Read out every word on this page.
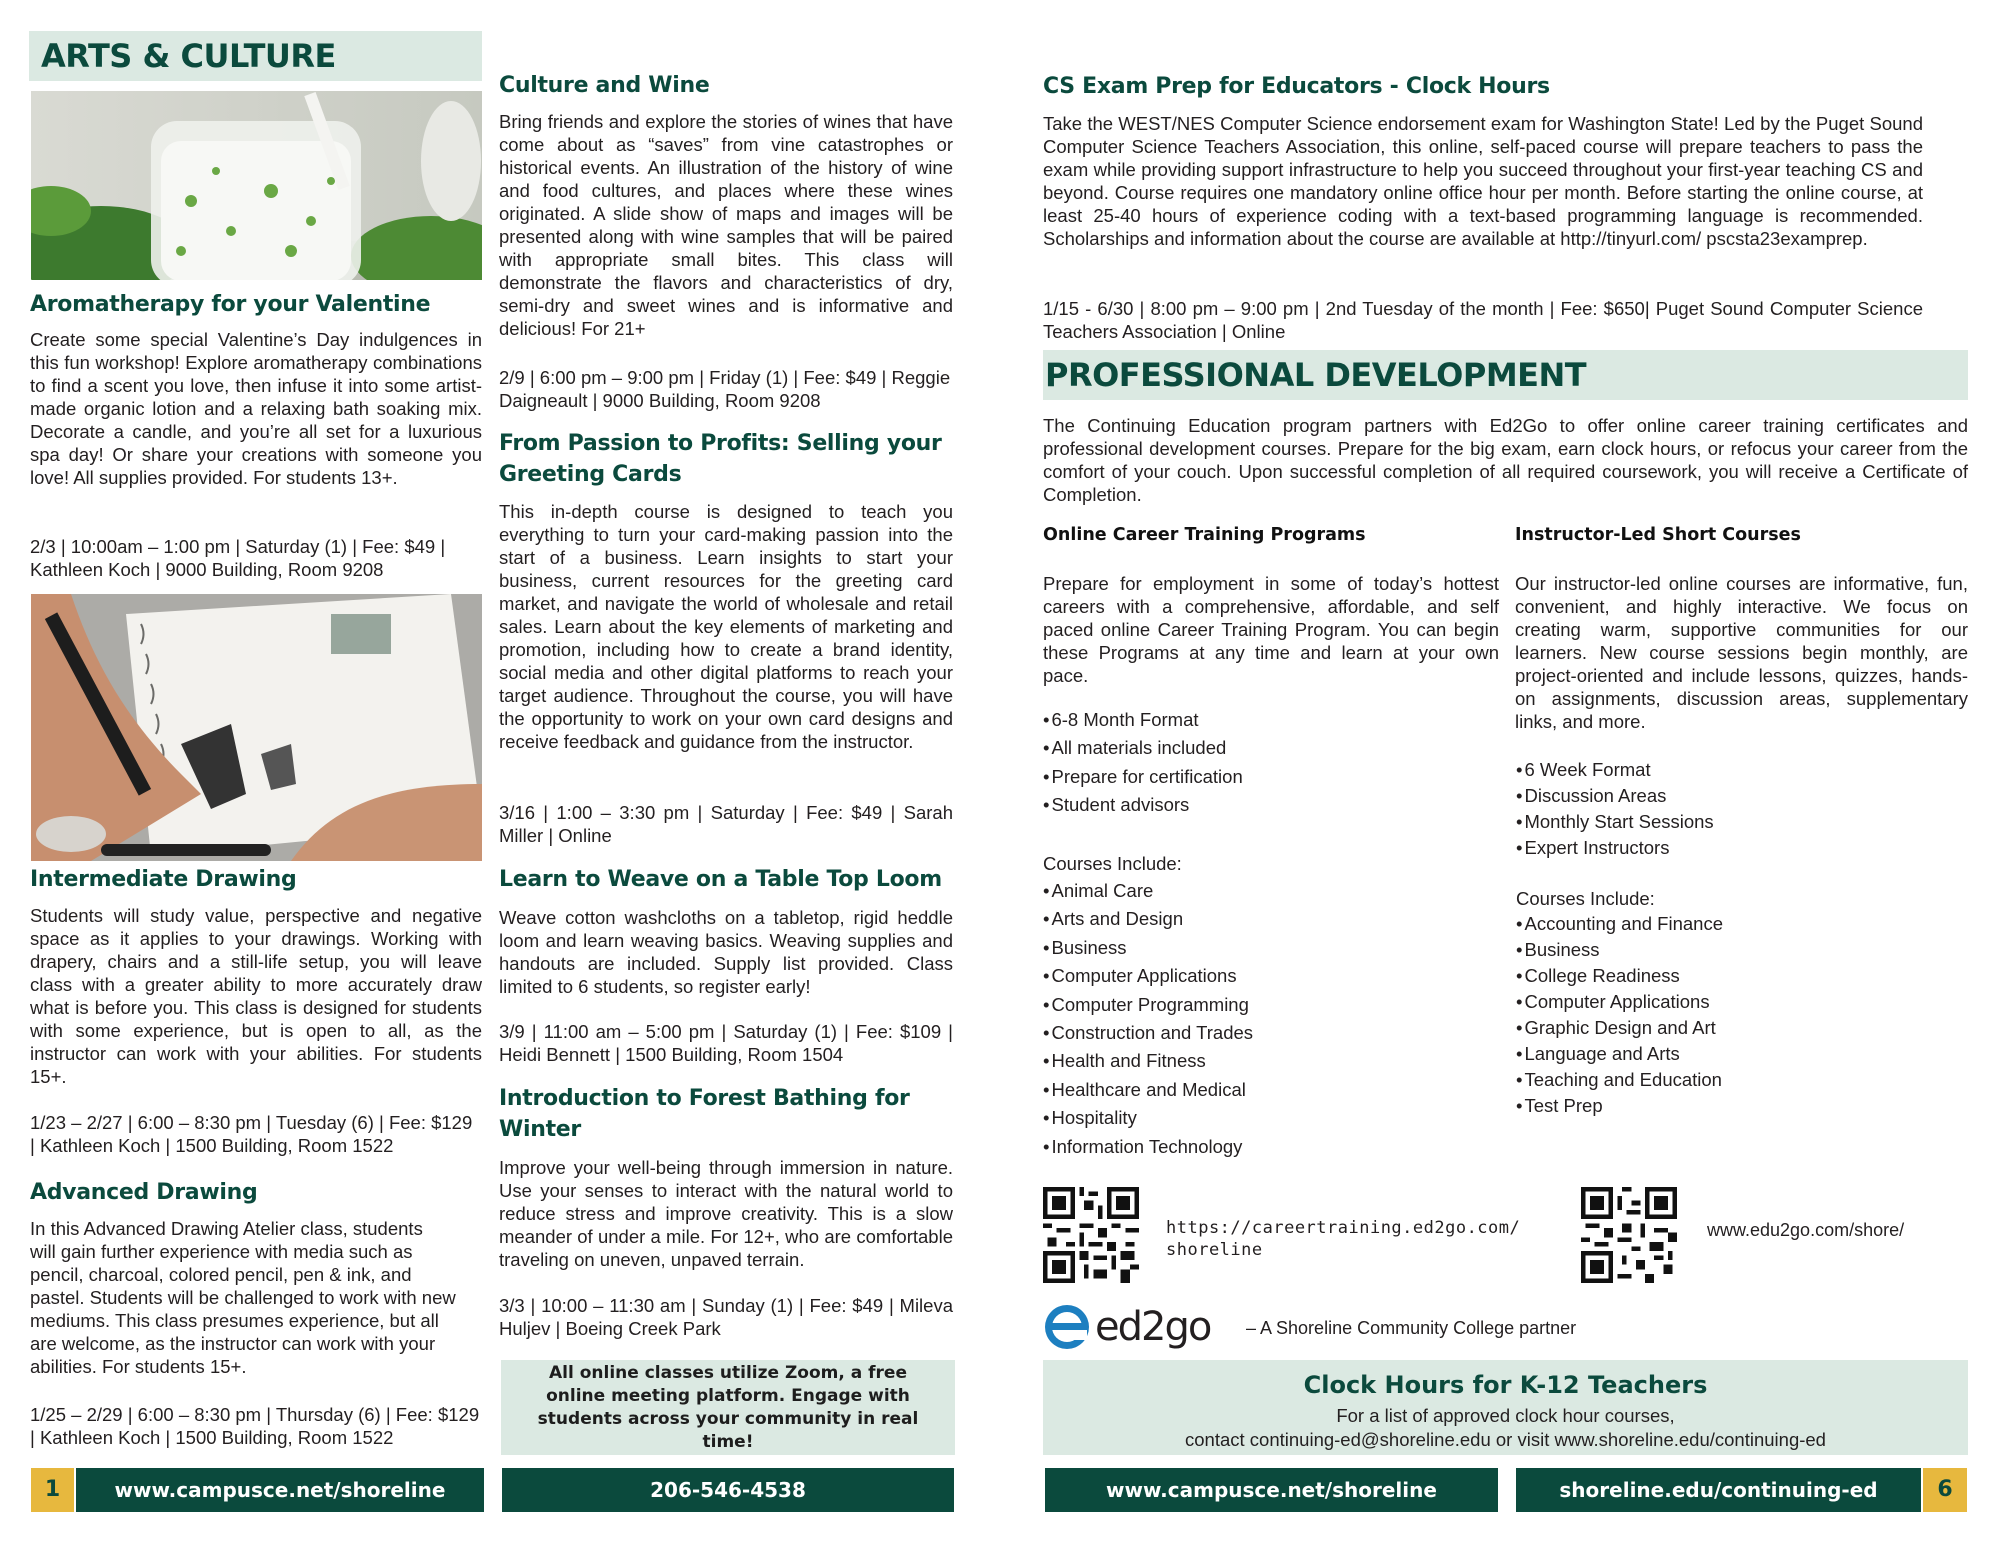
ARTS & CULTURE
Aromatherapy for your Valentine
Create some special Valentine’s Day indulgences in this fun workshop! Explore aromatherapy combinations to find a scent you love, then infuse it into some artist-made organic lotion and a relaxing bath soaking mix. Decorate a candle, and you’re all set for a luxurious spa day! Or share your creations with someone you love! All supplies provided. For students 13+.
2/3 | 10:00am – 1:00 pm | Saturday (1) | Fee: $49 | Kathleen Koch | 9000 Building, Room 9208
Intermediate Drawing
Students will study value, perspective and negative space as it applies to your drawings. Working with drapery, chairs and a still-life setup, you will leave class with a greater ability to more accurately draw what is before you. This class is designed for students with some experience, but is open to all, as the instructor can work with your abilities. For students 15+.
1/23 – 2/27 | 6:00 – 8:30 pm | Tuesday (6) | Fee: $129 | Kathleen Koch | 1500 Building, Room 1522
Advanced Drawing
In this Advanced Drawing Atelier class, students
will gain further experience with media such as
pencil, charcoal, colored pencil, pen & ink, and
pastel. Students will be challenged to work with new
mediums. This class presumes experience, but all
are welcome, as the instructor can work with your
abilities. For students 15+.
1/25 – 2/29 | 6:00 – 8:30 pm | Thursday (6) | Fee: $129 | Kathleen Koch | 1500 Building, Room 1522
Culture and Wine
Bring friends and explore the stories of wines that have come about as “saves” from vine catastrophes or historical events. An illustration of the history of wine and food cultures, and places where these wines originated. A slide show of maps and images will be presented along with wine samples that will be paired with appropriate small bites. This class will demonstrate the flavors and characteristics of dry, semi-dry and sweet wines and is informative and delicious! For 21+
2/9 | 6:00 pm – 9:00 pm | Friday (1) | Fee: $49 | Reggie Daigneault | 9000 Building, Room 9208
From Passion to Profits: Selling your Greeting Cards
This in-depth course is designed to teach you everything to turn your card-making passion into the start of a business. Learn insights to start your business, current resources for the greeting card market, and navigate the world of wholesale and retail sales. Learn about the key elements of marketing and promotion, including how to create a brand identity, social media and other digital platforms to reach your target audience. Throughout the course, you will have the opportunity to work on your own card designs and receive feedback and guidance from the instructor.
3/16 | 1:00 – 3:30 pm | Saturday | Fee: $49 | Sarah Miller | Online
Learn to Weave on a Table Top Loom
Weave cotton washcloths on a tabletop, rigid heddle loom and learn weaving basics. Weaving supplies and handouts are included. Supply list provided. Class limited to 6 students, so register early!
3/9 | 11:00 am – 5:00 pm | Saturday (1) | Fee: $109 | Heidi Bennett | 1500 Building, Room 1504
Introduction to Forest Bathing for Winter
Improve your well-being through immersion in nature. Use your senses to interact with the natural world to reduce stress and improve creativity. This is a slow meander of under a mile. For 12+, who are comfortable traveling on uneven, unpaved terrain.
3/3 | 10:00 – 11:30 am | Sunday (1) | Fee: $49 | Mileva Huljev | Boeing Creek Park
All online classes utilize Zoom, a free online meeting platform. Engage with students across your community in real time!
1	www.campusce.net/shoreline	206-546-4538
CS Exam Prep for Educators - Clock Hours
Take the WEST/NES Computer Science endorsement exam for Washington State! Led by the Puget Sound Computer Science Teachers Association, this online, self-paced course will prepare teachers to pass the exam while providing support infrastructure to help you succeed throughout your first-year teaching CS and beyond. Course requires one mandatory online office hour per month. Before starting the online course, at least 25-40 hours of experience coding with a text-based programming language is recommended. Scholarships and information about the course are available at http://tinyurl.com/ pscsta23examprep.
1/15 - 6/30 | 8:00 pm – 9:00 pm | 2nd Tuesday of the month | Fee: $650| Puget Sound Computer Science Teachers Association | Online
PROFESSIONAL DEVELOPMENT
The Continuing Education program partners with Ed2Go to offer online career training certificates and professional development courses. Prepare for the big exam, earn clock hours, or refocus your career from the comfort of your couch. Upon successful completion of all required coursework, you will receive a Certificate of Completion.
Online Career Training Programs
Prepare for employment in some of today’s hottest careers with a comprehensive, affordable, and self paced online Career Training Program. You can begin these Programs at any time and learn at your own pace.
• 6-8 Month Format
• All materials included
• Prepare for certification
• Student advisors
Courses Include:
• Animal Care
• Arts and Design
• Business
• Computer Applications
• Computer Programming
• Construction and Trades
• Health and Fitness
• Healthcare and Medical
• Hospitality
• Information Technology
Instructor-Led Short Courses
Our instructor-led online courses are informative, fun, convenient, and highly interactive. We focus on creating warm, supportive communities for our learners. New course sessions begin monthly, are project-oriented and include lessons, quizzes, hands-on assignments, discussion areas, supplementary links, and more.
• 6 Week Format
• Discussion Areas
• Monthly Start Sessions
• Expert Instructors
Courses Include:
• Accounting and Finance
• Business
• College Readiness
• Computer Applications
• Graphic Design and Art
• Language and Arts
• Teaching and Education
• Test Prep
https://careertraining.ed2go.com/ shoreline
www.edu2go.com/shore/
ed2go – A Shoreline Community College partner
Clock Hours for K-12 Teachers
For a list of approved clock hour courses,
contact continuing-ed@shoreline.edu or visit www.shoreline.edu/continuing-ed
www.campusce.net/shoreline	shoreline.edu/continuing-ed	6
